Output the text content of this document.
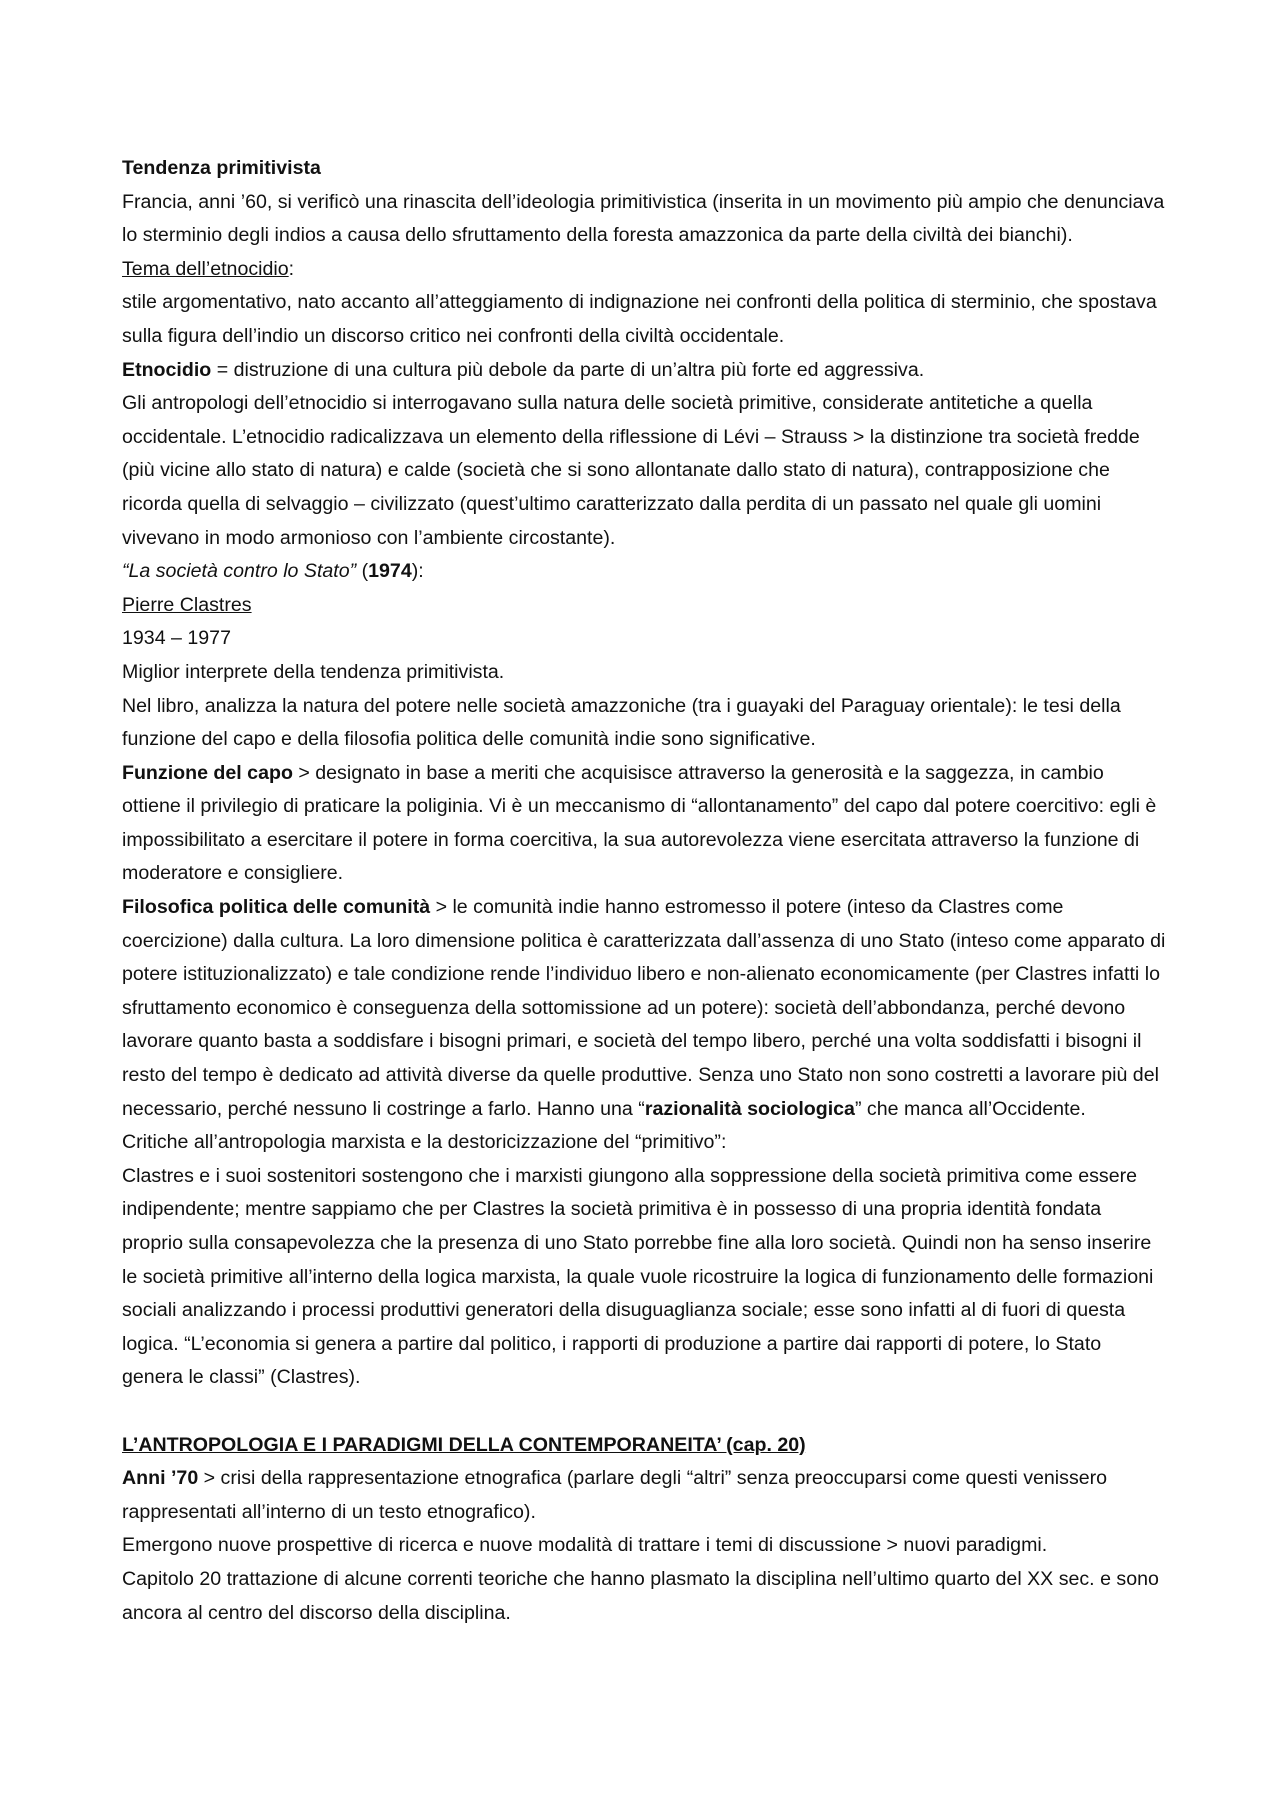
Tendenza primitivista

Francia, anni ’60, si verificò una rinascita dell’ideologia primitivistica (inserita in un movimento più ampio che denunciava lo sterminio degli indios a causa dello sfruttamento della foresta amazzonica da parte della civiltà dei bianchi).

Tema dell’etnocidio:

stile argomentativo, nato accanto all’atteggiamento di indignazione nei confronti della politica di sterminio, che spostava sulla figura dell’indio un discorso critico nei confronti della civiltà occidentale.

Etnocidio = distruzione di una cultura più debole da parte di un’altra più forte ed aggressiva.

Gli antropologi dell’etnocidio si interrogavano sulla natura delle società primitive, considerate antitetiche a quella occidentale. L’etnocidio radicalizzava un elemento della riflessione di Lévi – Strauss > la distinzione tra società fredde (più vicine allo stato di natura) e calde (società che si sono allontanate dallo stato di natura), contrapposizione che ricorda quella di selvaggio – civilizzato (quest’ultimo caratterizzato dalla perdita di un passato nel quale gli uomini vivevano in modo armonioso con l’ambiente circostante).

“La società contro lo Stato” (1974):

Pierre Clastres

1934 – 1977

Miglior interprete della tendenza primitivista.

Nel libro, analizza la natura del potere nelle società amazzoniche (tra i guayaki del Paraguay orientale): le tesi della funzione del capo e della filosofia politica delle comunità indie sono significative.

Funzione del capo > designato in base a meriti che acquisisce attraverso la generosità e la saggezza, in cambio ottiene il privilegio di praticare la poliginia. Vi è un meccanismo di “allontanamento” del capo dal potere coercitivo: egli è impossibilitato a esercitare il potere in forma coercitiva, la sua autorevolezza viene esercitata attraverso la funzione di moderatore e consigliere.

Filosofica politica delle comunità > le comunità indie hanno estromesso il potere (inteso da Clastres come coercizione) dalla cultura. La loro dimensione politica è caratterizzata dall’assenza di uno Stato (inteso come apparato di potere istituzionalizzato) e tale condizione rende l’individuo libero e non-alienato economicamente (per Clastres infatti lo sfruttamento economico è conseguenza della sottomissione ad un potere): società dell’abbondanza, perché devono lavorare quanto basta a soddisfare i bisogni primari, e società del tempo libero, perché una volta soddisfatti i bisogni il resto del tempo è dedicato ad attività diverse da quelle produttive. Senza uno Stato non sono costretti a lavorare più del necessario, perché nessuno li costringe a farlo. Hanno una “razionalità sociologica” che manca all’Occidente.

Critiche all’antropologia marxista e la destoricizzazione del “primitivo”:

Clastres e i suoi sostenitori sostengono che i marxisti giungono alla soppressione della società primitiva come essere indipendente; mentre sappiamo che per Clastres la società primitiva è in possesso di una propria identità fondata proprio sulla consapevolezza che la presenza di uno Stato porrebbe fine alla loro società. Quindi non ha senso inserire le società primitive all’interno della logica marxista, la quale vuole ricostruire la logica di funzionamento delle formazioni sociali analizzando i processi produttivi generatori della disuguaglianza sociale; esse sono infatti al di fuori di questa logica. “L’economia si genera a partire dal politico, i rapporti di produzione a partire dai rapporti di potere, lo Stato genera le classi” (Clastres).

L’ANTROPOLOGIA E I PARADIGMI DELLA CONTEMPORANEITA’ (cap. 20)

Anni ’70 > crisi della rappresentazione etnografica (parlare degli “altri” senza preoccuparsi come questi venissero rappresentati all’interno di un testo etnografico).

Emergono nuove prospettive di ricerca e nuove modalità di trattare i temi di discussione > nuovi paradigmi.

Capitolo 20 trattazione di alcune correnti teoriche che hanno plasmato la disciplina nell’ultimo quarto del XX sec. e sono ancora al centro del discorso della disciplina.
